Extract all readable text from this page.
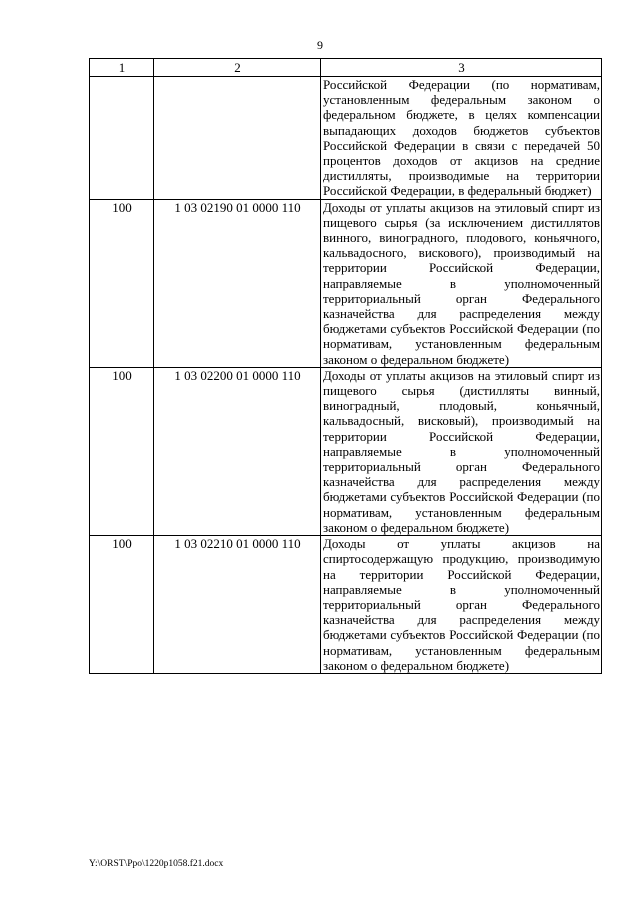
9
1	2	3
		Российской Федерации (по нормативам, установленным федеральным законом о федеральном бюджете, в целях компенсации выпадающих доходов бюджетов субъектов Российской Федерации в связи с передачей 50 процентов доходов от акцизов на средние дистилляты, производимые на территории Российской Федерации, в федеральный бюджет)
100	1 03 02190 01 0000 110	Доходы от уплаты акцизов на этиловый спирт из пищевого сырья (за исключением дистиллятов винного, виноградного, плодового, коньячного, кальвадосного, вискового), производимый на территории Российской Федерации, направляемые в уполномоченный территориальный орган Федерального казначейства для распределения между бюджетами субъектов Российской Федерации (по нормативам, установленным федеральным законом о федеральном бюджете)
100	1 03 02200 01 0000 110	Доходы от уплаты акцизов на этиловый спирт из пищевого сырья (дистилляты винный, виноградный, плодовый, коньячный, кальвадосный, висковый), производимый на территории Российской Федерации, направляемые в уполномоченный территориальный орган Федерального казначейства для распределения между бюджетами субъектов Российской Федерации (по нормативам, установленным федеральным законом о федеральном бюджете)
100	1 03 02210 01 0000 110	Доходы от уплаты акцизов на спиртосодержащую продукцию, производимую на территории Российской Федерации, направляемые в уполномоченный территориальный орган Федерального казначейства для распределения между бюджетами субъектов Российской Федерации (по нормативам, установленным федеральным законом о федеральном бюджете)
Y:\ORST\Ppo\1220p1058.f21.docx
